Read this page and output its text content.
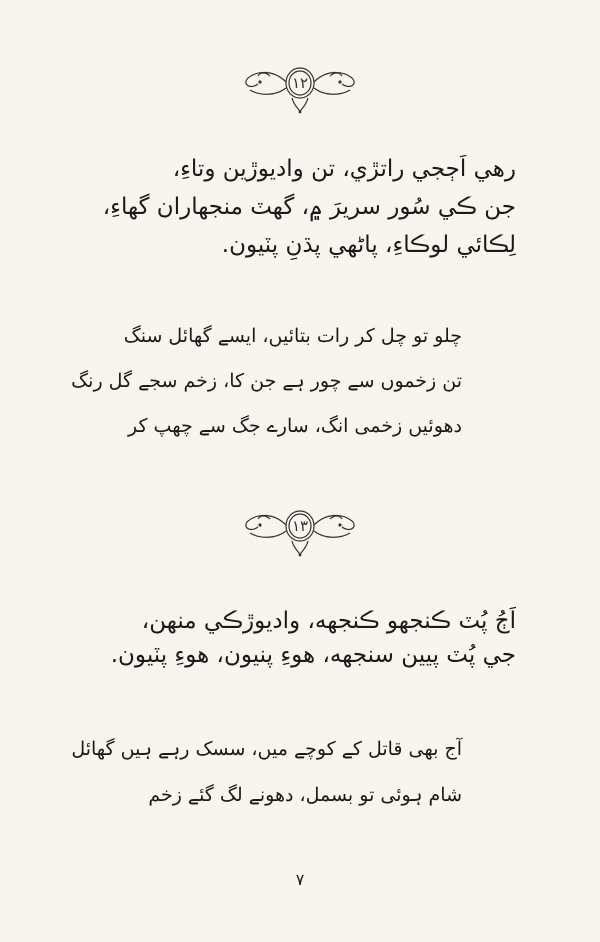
١٢
رهي اَڄجي راتڙي، تن واديوڙين وتاءِ،
جن ڪي سُور سريرَ ۾، گهٽ منجهاران گهاءِ،
لِڪائي لوڪاءِ، پاڻهي پڌنِ پٽيون.
چلو تو چل کر رات بتائیں، ایسے گھائل سنگ
تن زخموں سے چور ہے جن کا، زخم سجے گل رنگ
دھوئیں زخمی انگ، سارے جگ سے چھپ کر
١٣
اَڄُ پُٽ ڪنجهو ڪنجهه، واديوڙڪي منهن،
جي پُٽ پيين سنجهه، هوءِ پنيون، هوءِ پٽيون.
آج بھی قاتل کے کوچے میں، سسک رہے ہیں گھائل
شام ہوئی تو بسمل، دھونے لگ گئے زخم
٧
